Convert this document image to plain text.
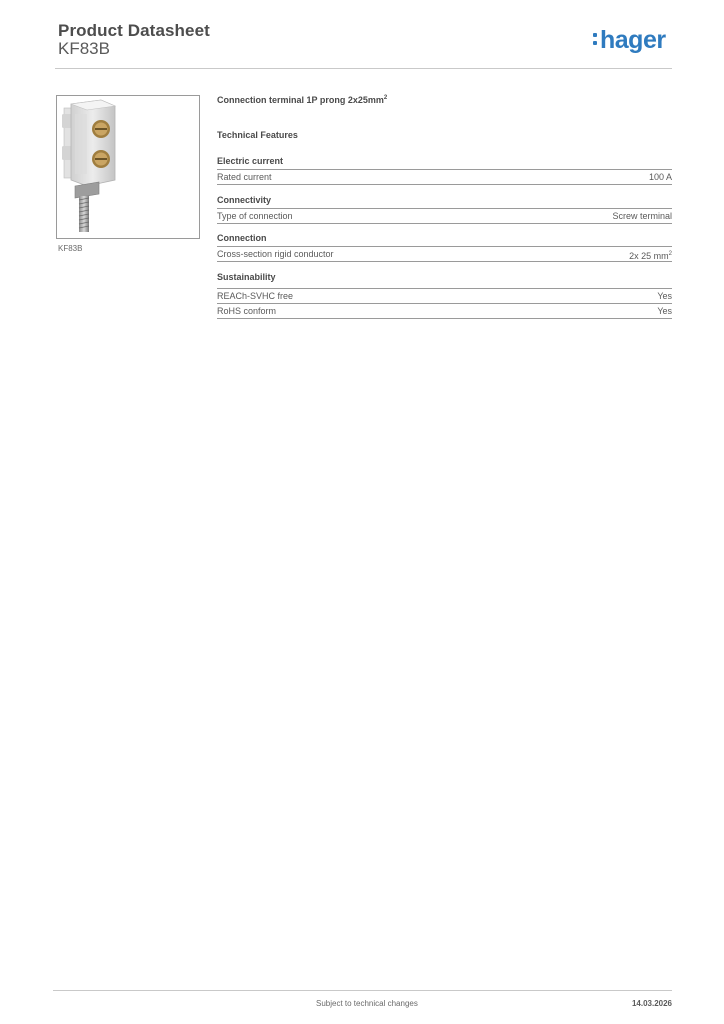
Product Datasheet
KF83B	hager
KF83B
Connection terminal 1P prong $2x25mm^2$
Technical Features
Electric current
Rated current	100 A
Connectivity
Type of connection	Screw terminal
Connection
Cross-section rigid conductor	2x 25 $mm^2$
Sustainability
REACh-SVHC free	Yes
RoHS conform	Yes
Subject to technical changes	14.03.2026
